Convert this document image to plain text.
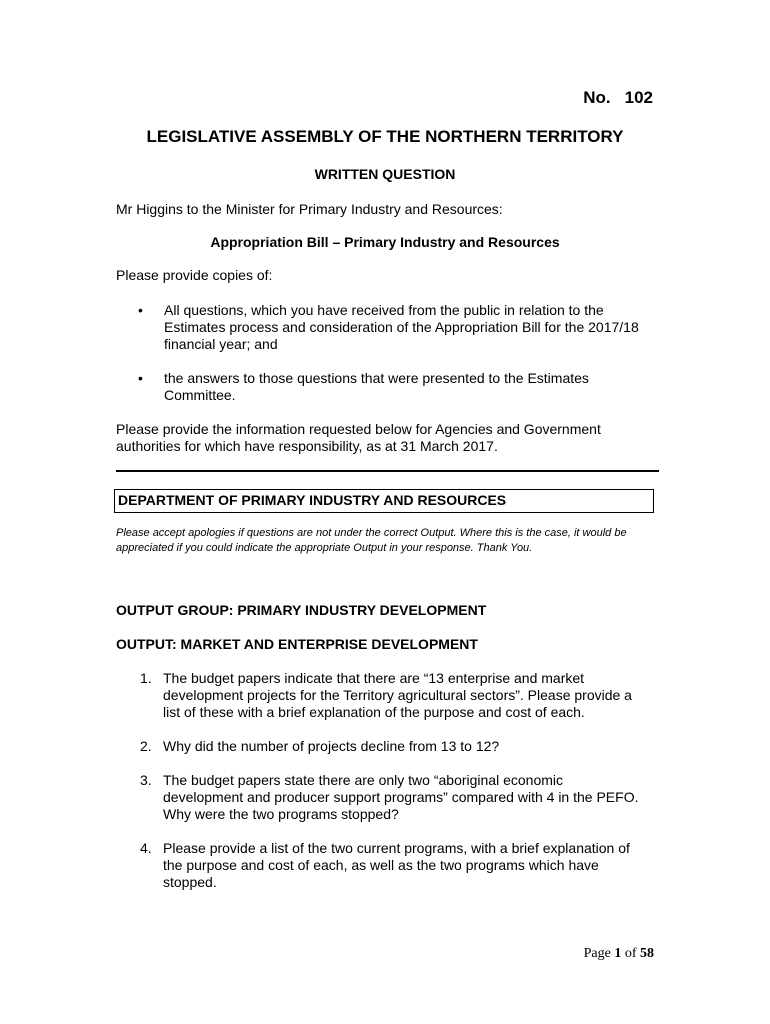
No. 102
LEGISLATIVE ASSEMBLY OF THE NORTHERN TERRITORY
WRITTEN QUESTION
Mr Higgins to the Minister for Primary Industry and Resources:
Appropriation Bill – Primary Industry and Resources
Please provide copies of:
• All questions, which you have received from the public in relation to the Estimates process and consideration of the Appropriation Bill for the 2017/18 financial year; and
• the answers to those questions that were presented to the Estimates Committee.
Please provide the information requested below for Agencies and Government authorities for which have responsibility, as at 31 March 2017.
DEPARTMENT OF PRIMARY INDUSTRY AND RESOURCES
Please accept apologies if questions are not under the correct Output. Where this is the case, it would be appreciated if you could indicate the appropriate Output in your response. Thank You.
OUTPUT GROUP: PRIMARY INDUSTRY DEVELOPMENT
OUTPUT: MARKET AND ENTERPRISE DEVELOPMENT
1. The budget papers indicate that there are “13 enterprise and market development projects for the Territory agricultural sectors”. Please provide a list of these with a brief explanation of the purpose and cost of each.
2. Why did the number of projects decline from 13 to 12?
3. The budget papers state there are only two “aboriginal economic development and producer support programs” compared with 4 in the PEFO. Why were the two programs stopped?
4. Please provide a list of the two current programs, with a brief explanation of the purpose and cost of each, as well as the two programs which have stopped.
Page 1 of 58
